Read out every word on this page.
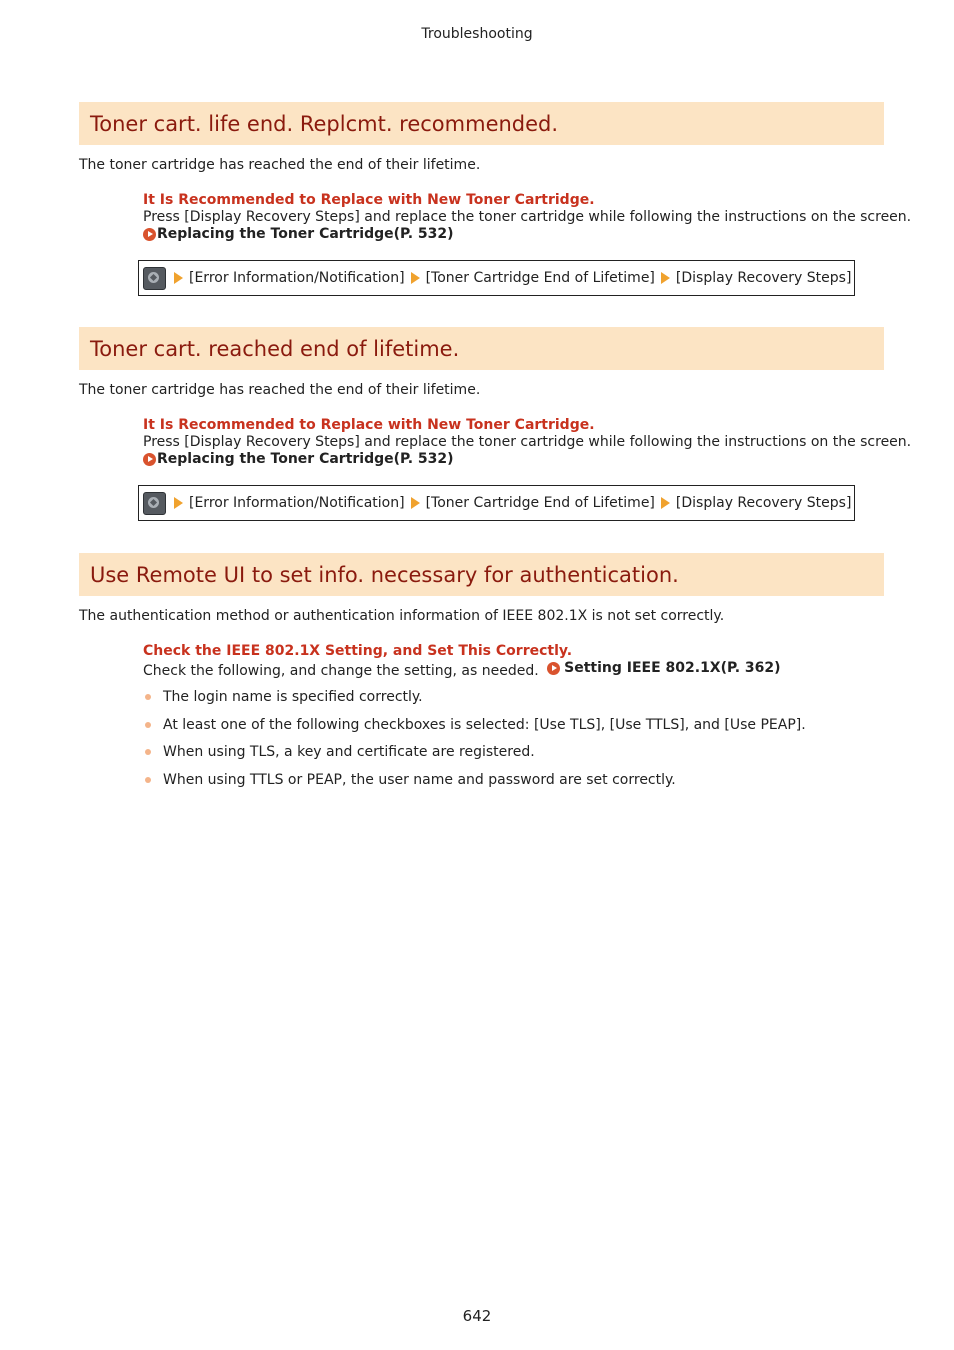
Troubleshooting
Toner cart. life end. Replcmt. recommended.
The toner cartridge has reached the end of their lifetime.
It Is Recommended to Replace with New Toner Cartridge.
Press [Display Recovery Steps] and replace the toner cartridge while following the instructions on the screen.
Replacing the Toner Cartridge(P. 532)
[Error Information/Notification] [Toner Cartridge End of Lifetime] [Display Recovery Steps]
Toner cart. reached end of lifetime.
The toner cartridge has reached the end of their lifetime.
It Is Recommended to Replace with New Toner Cartridge.
Press [Display Recovery Steps] and replace the toner cartridge while following the instructions on the screen.
Replacing the Toner Cartridge(P. 532)
[Error Information/Notification] [Toner Cartridge End of Lifetime] [Display Recovery Steps]
Use Remote UI to set info. necessary for authentication.
The authentication method or authentication information of IEEE 802.1X is not set correctly.
Check the IEEE 802.1X Setting, and Set This Correctly.
Check the following, and change the setting, as needed. Setting IEEE 802.1X(P. 362)
The login name is specified correctly.
At least one of the following checkboxes is selected: [Use TLS], [Use TTLS], and [Use PEAP].
When using TLS, a key and certificate are registered.
When using TTLS or PEAP, the user name and password are set correctly.
642
